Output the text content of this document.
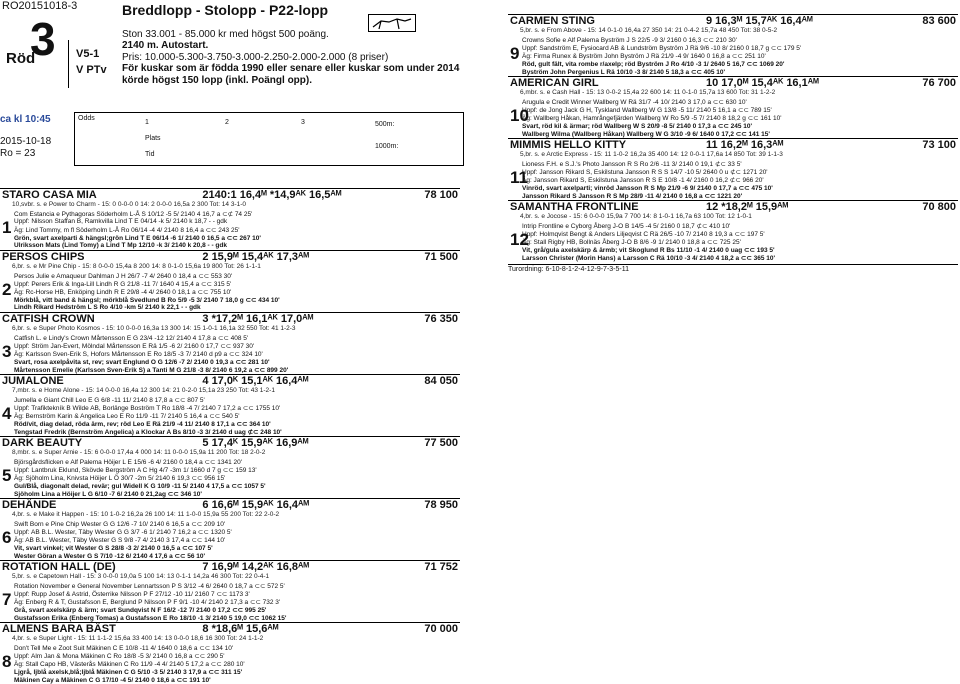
RO20151018-3
3
Röd	V5-1
V PTv
Breddlopp - Stolopp - P22-lopp
Ston 33.001 - 85.000 kr med högst 500 poäng.
2140 m. Autostart.
Pris: 10.000-5.300-3.750-3.000-2.250-2.000-2.000 (8 priser)
För kuskar som är födda 1990 eller senare eller kuskar som under 2014
körde högst 150 lopp (inkl. Poängl opp).
ca kl 10:45
2015-10-18
Ro = 23
Odds
1	2	3
Plats
Tid
500m:
1000m:
STARO CASA MIA	2140:1 16,4ᴹ *14,9ᴬᴷ 16,5ᴬᴹ	78 100
10,svbr. s. e Power to Charm - 15: 0 0-0-0 0 14: 2 0-0-0 16,5a 2 300 Tot: 14 3-1-0
1
Com Estancia e Pythagoras Söderholm L-Å S 10/12 -5 5/ 2140 4 16,7 a ⊂⊄ 74 25'
Uppf: Nilsson Staffan B, Ramkvilla Lind T E 04/14 -k 5/ 2140 k 18,7 - - gdk
Äg: Lind Tommy, m fl Söderholm L-Å Ro 06/14 -4 4/ 2140 8 16,4 a ⊂⊂ 243 25'
Grön, svart axelparti & hängsl;grön Lind T E 06/14 -6 1/ 2140 0 16,5 a ⊂⊂ 267 10'
Ulriksson Mats (Lind Tomy) a Lind T Mp 12/10 -k 3/ 2140 k 20,8 - - gdk
PERSOS CHIPS	2 15,9ᴹ 15,4ᴬᴷ 17,3ᴬᴹ	71 500
6,br. s. e Mr Pine Chip - 15: 8 0-0-0 15,4a 8 200 14: 8 0-1-0 15,6a 19 800 Tot: 26 1-1-1
2
Persos Julie e Amaqueur Dahlman J H 26/7 -7 4/ 2640 0 18,4 a ⊂⊂ 553 30'
Uppf: Perers Erik & Inga-Lill Lindh R G 21/8 -11 7/ 1640 4 15,4 a ⊂⊂ 315 5'
Äg: Rc-Horse HB, Enköping Lindh R E 29/8 -4 4/ 2640 0 18,1 a ⊂⊂ 755 10'
Mörkblå, vitt band & hängsl; mörkblå Svedlund B Ro 5/9 -5 3/ 2140 7 18,0 g ⊂⊂ 434 10'
Lindh Rikard Hedström L S Ro 4/10 -km 5/ 2140 k 22,1 - - gdk
CATFISH CROWN	3 *17,2ᴹ 16,1ᴬᴷ 17,0ᴬᴹ	76 350
6,br. s. e Super Photo Kosmos - 15: 10 0-0-0 16,3a 13 300 14: 15 1-0-1 16,1a 32 550 Tot: 41 1-2-3
3
Catfish L. e Lindy's Crown Mårtensson E G 23/4 -12 12/ 2140 4 17,8 a ⊂⊂ 408 5'
Uppf: Ström Jan-Evert, Mölndal Mårtensson E Rä 1/5 -6 2/ 2160 0 17,7 ⊂⊂ 937 30'
Äg: Karlsson Sven-Erik S, Hofors Mårtensson E Ro 18/5 -3 7/ 2140 d p9 a ⊂⊂ 324 10'
Svart, rosa axelpåvita st, rev; svart Englund O G 12/6 -7 2/ 2140 0 19,3 a ⊂⊂ 281 10'
Mårtensson Emelie (Karlsson Sven-Erik S) a Tanti M G 21/8 -3 8/ 2140 6 19,2 a ⊂⊂ 899 20'
JUMALONE	4 17,0ᴷ 15,1ᴬᴷ 16,4ᴬᴹ	84 050
7,mbr. s. e Home Alone - 15: 14 0-0-0 16,4a 12 300 14: 21 0-2-0 15,1a 23 250 Tot: 43 1-2-1
4
Jumella e Giant Chill Leo E G 6/8 -11 11/ 2140 8 17,8 a ⊂⊂ 807 5'
Uppf: Trafiktekník B Wilde AB, Borlänge Boström T Ro 18/8 -4 7/ 2140 7 17,2 a ⊂⊂ 1755 10'
Äg: Bernström Karin & Angelica Leo E Ro 11/9 -11 7/ 2140 5 16,4 a ⊂⊂ 540 5'
Röd/vit, diag delad, röda ärm, rev; röd Leo E Rä 21/9 -4 11/ 2140 8 17,1 a ⊂⊂ 364 10'
Tengstad Fredrik (Bernström Angelica) a Klockar A Bs 8/10 -3 3/ 2140 d uag ⊄⊂ 248 10'
DARK BEAUTY	5 17,4ᴷ 15,9ᴬᴷ 16,9ᴬᴹ	77 500
8,mbr. s. e Super Arnie - 15: 6 0-0-0 17,4a 4 000 14: 11 0-0-0 15,9a 11 200 Tot: 18 2-0-2
5
Björsgårdsflicken e Alf Palema Höijer L E 15/6 -6 4/ 2160 0 18,4 a ⊂⊂ 1341 20'
Uppf: Lantbruk Eklund, Skövde Bergström A C Hg 4/7 -3m 1/ 1660 d 7 g ⊂⊂ 159 13'
Äg: Sjöholm Lina, Knivsta Höijer L Ö 30/7 -2m 5/ 2140 6 19,3 ⊂⊂ 956 15'
Gul/Blå, diagonalt delad, revär; gul Widell K G 10/9 -11 5/ 2140 4 17,5 a ⊂⊂ 1057 5'
Sjöholm Lina a Höijer L G 6/10 -7 6/ 2140 0 21,2ag ⊂⊂ 346 10'
DEHÄNDE	6 16,6ᴹ 15,9ᴬᴷ 16,4ᴬᴹ	78 950
4,br. s. e Make it Happen - 15: 10 1-0-2 16,2a 26 100 14: 11 1-0-0 15,9a 55 200 Tot: 22 2-0-2
6
Swift Born e Pine Chip Wester G G 12/6 -7 10/ 2140 6 16,5 a ⊂⊂ 209 10'
Uppf: AB B.L. Wester, Täby Wester G G 3/7 -6 1/ 2140 7 16,2 a ⊂⊂ 1320 5'
Äg: AB B.L. Wester, Täby Wester G S 9/8 -7 4/ 2140 3 17,4 a ⊂⊂ 144 10'
Vit, svart vinkel; vit Wester G S 28/8 -3 2/ 2140 0 16,5 a ⊂⊂ 107 5'
Wester Göran a Wester G S 7/10 -12 6/ 2140 4 17,6 a ⊂⊂ 56 10'
ROTATION HALL (DE)	7 16,9ᴹ 14,2ᴬᴷ 16,8ᴬᴹ	71 752
5,br. s. e Capetown Hall - 15: 3 0-0-0 19,0a 5 100 14: 13 0-1-1 14,2a 46 300 Tot: 22 0-4-1
7
Rotation November e General November Lennartsson P S 3/12 -4 6/ 2640 0 18,7 a ⊂⊂ 572 5'
Uppf: Rupp Josef & Astrid, Österrike Nilsson P F 27/12 -10 11/ 2160 7 ⊂⊂ 1173 3'
Äg: Enberg R & T, Gustafsson E, Berglund P Nilsson P F 9/1 -10 4/ 2140 2 17,3 a ⊂⊂ 732 3'
Grå, svart axelskärp & ärm; svart Sundqvist N F 16/2 -12 7/ 2140 0 17,2 ⊂⊂ 995 25'
Gustafsson Erika (Enberg Tomas) a Gustafsson E Ro 18/10 -1 3/ 2140 5 19,0 ⊂⊂ 1062 15'
ALMENS BARA BÄST	8 *18,6ᴹ 15,6ᴬᴹ	70 000
4,br. s. e Super Light - 15: 11 1-1-2 15,6a 33 400 14: 13 0-0-0 18,6 16 300 Tot: 24 1-1-2
8
Don't Tell Me e Zoot Suit Mäkinen C E 10/8 -11 4/ 1640 0 18,6 a ⊂⊂ 134 10'
Uppf: Alm Jan & Mona Mäkinen C Ro 18/8 -5 3/ 2140 0 16,8 a ⊂⊂ 290 5'
Äg: Stall Capo HB, Västerås Mäkinen C Ro 11/9 -4 4/ 2140 5 17,2 a ⊂⊂ 280 10'
Ljgrå, ljblå axelsk,blå;ljblå Mäkinen C G 5/10 -3 5/ 2140 3 17,9 a ⊂⊂ 311 15'
Mäkinen Cay a Mäkinen C G 17/10 -4 5/ 2140 0 18,6 a ⊂⊂ 191 10'
CARMEN STING	9 16,3ᴹ 15,7ᴬᴷ 16,4ᴬᴹ	83 600
5,br. s. e From Above - 15: 14 0-1-0 16,4a 27 350 14: 21 0-4-2 15,7a 48 450 Tot: 38 0-5-2
9
Crowns Sofie e Alf Palema Byström J S 22/5 -9 3/ 2160 0 16,3 ⊂⊂ 210 30'
Uppf: Sandström E, Fysiocard AB & Lundström Byström J Rä 9/6 -10 8/ 2160 0 18,7 g ⊂⊂ 179 5'
Äg: Firma Runex & Byström John Byström J Rä 21/9 -4 9/ 1640 0 16,8 a ⊂⊂ 251 10'
Röd, gult fält, vita rombe r/axelp; röd Byström J Ro 4/10 -3 1/ 2640 5 16,7 ⊂⊂ 1069 20'
Byström John Pergenius L Rä 10/10 -3 8/ 2140 5 18,3 a ⊂⊂ 405 10'
AMERICAN GIRL	10 17,0ᴹ 15,4ᴬᴷ 16,1ᴬᴹ	76 700
6,mbr. s. e Cash Hall - 15: 13 0-0-2 15,4a 22 600 14: 11 0-1-0 15,7a 13 600 Tot: 31 1-2-2
10
Arugula e Credit Winner Wallberg W Rä 31/7 -4 10/ 2140 3 17,0 a ⊂⊂ 630 10'
Uppf: de Jong Jack G H, Tyskland Wallberg W G 13/8 -5 11/ 2140 5 16,1 a ⊂⊂ 789 15'
Äg: Wallberg Håkan, Hamrångefjärden Wallberg W Ro 5/9 -5 7/ 2140 8 18,2 g ⊂⊂ 161 10'
Svart, röd kil & ärmar; röd Wallberg W S 20/9 -8 5/ 2140 0 17,3 a ⊂⊂ 245 10'
Wallberg Wilma (Wallberg Håkan) Wallberg W G 3/10 -9 6/ 1640 0 17,2 ⊂⊂ 141 15'
MIMMIS HELLO KITTY	11 16,2ᴹ 16,3ᴬᴹ	73 100
5,br. s. e Arctic Express - 15: 11 1-0-2 16,2a 35 400 14: 12 0-0-1 17,6a 14 850 Tot: 39 1-1-3
11
Lioness F.H. e S.J.'s Photo Jansson R S Ro 2/6 -11 3/ 2140 0 19,1 ⊄⊂ 33 5'
Uppf: Jansson Rikard S, Eskilstuna Jansson R S S 14/7 -10 5/ 2640 0 u ⊄⊂ 1271 20'
Äg: Jansson Rikard S, Eskilstuna Jansson R S E 10/8 -1 4/ 2160 0 16,2 ⊄⊂ 966 20'
Vinröd, svart axelparti; vinröd Jansson R S Mp 21/9 -6 9/ 2140 0 17,7 a ⊂⊂ 475 10'
Jansson Rikard S Jansson R S Mp 28/9 -11 4/ 2140 0 16,8 a ⊂⊂ 1221 20'
SAMANTHA FRONTLINE	12 *18,2ᴹ 15,9ᴬᴹ	70 800
4,br. s. e Jocose - 15: 6 0-0-0 15,9a 7 700 14: 8 1-0-1 16,7a 63 100 Tot: 12 1-0-1
12
Intrip Frontline e Cyborg Åberg J-O B 14/5 -4 5/ 2160 0 18,7 ⊄⊂ 410 10'
Uppf: Holmqvist Bengt & Anders Liljeqvist C Rä 26/5 -10 7/ 2140 8 19,3 a ⊂⊂ 197 5'
Äg: Stall Rigby HB, Bollnäs Åberg J-O B 8/6 -9 1/ 2140 0 18,8 a ⊂⊂ 725 25'
Vit, grå/gula axelskärp & ärmb; vit Skoglund R Bs 11/10 -1 4/ 2140 0 uag ⊂⊂ 193 5'
Larsson Christer (Morin Hans) a Larsson C Rä 10/10 -3 4/ 2140 4 18,2 a ⊂⊂ 365 10'
Turordning: 6-10-8-1-2-4-12-9-7-3-5-11
